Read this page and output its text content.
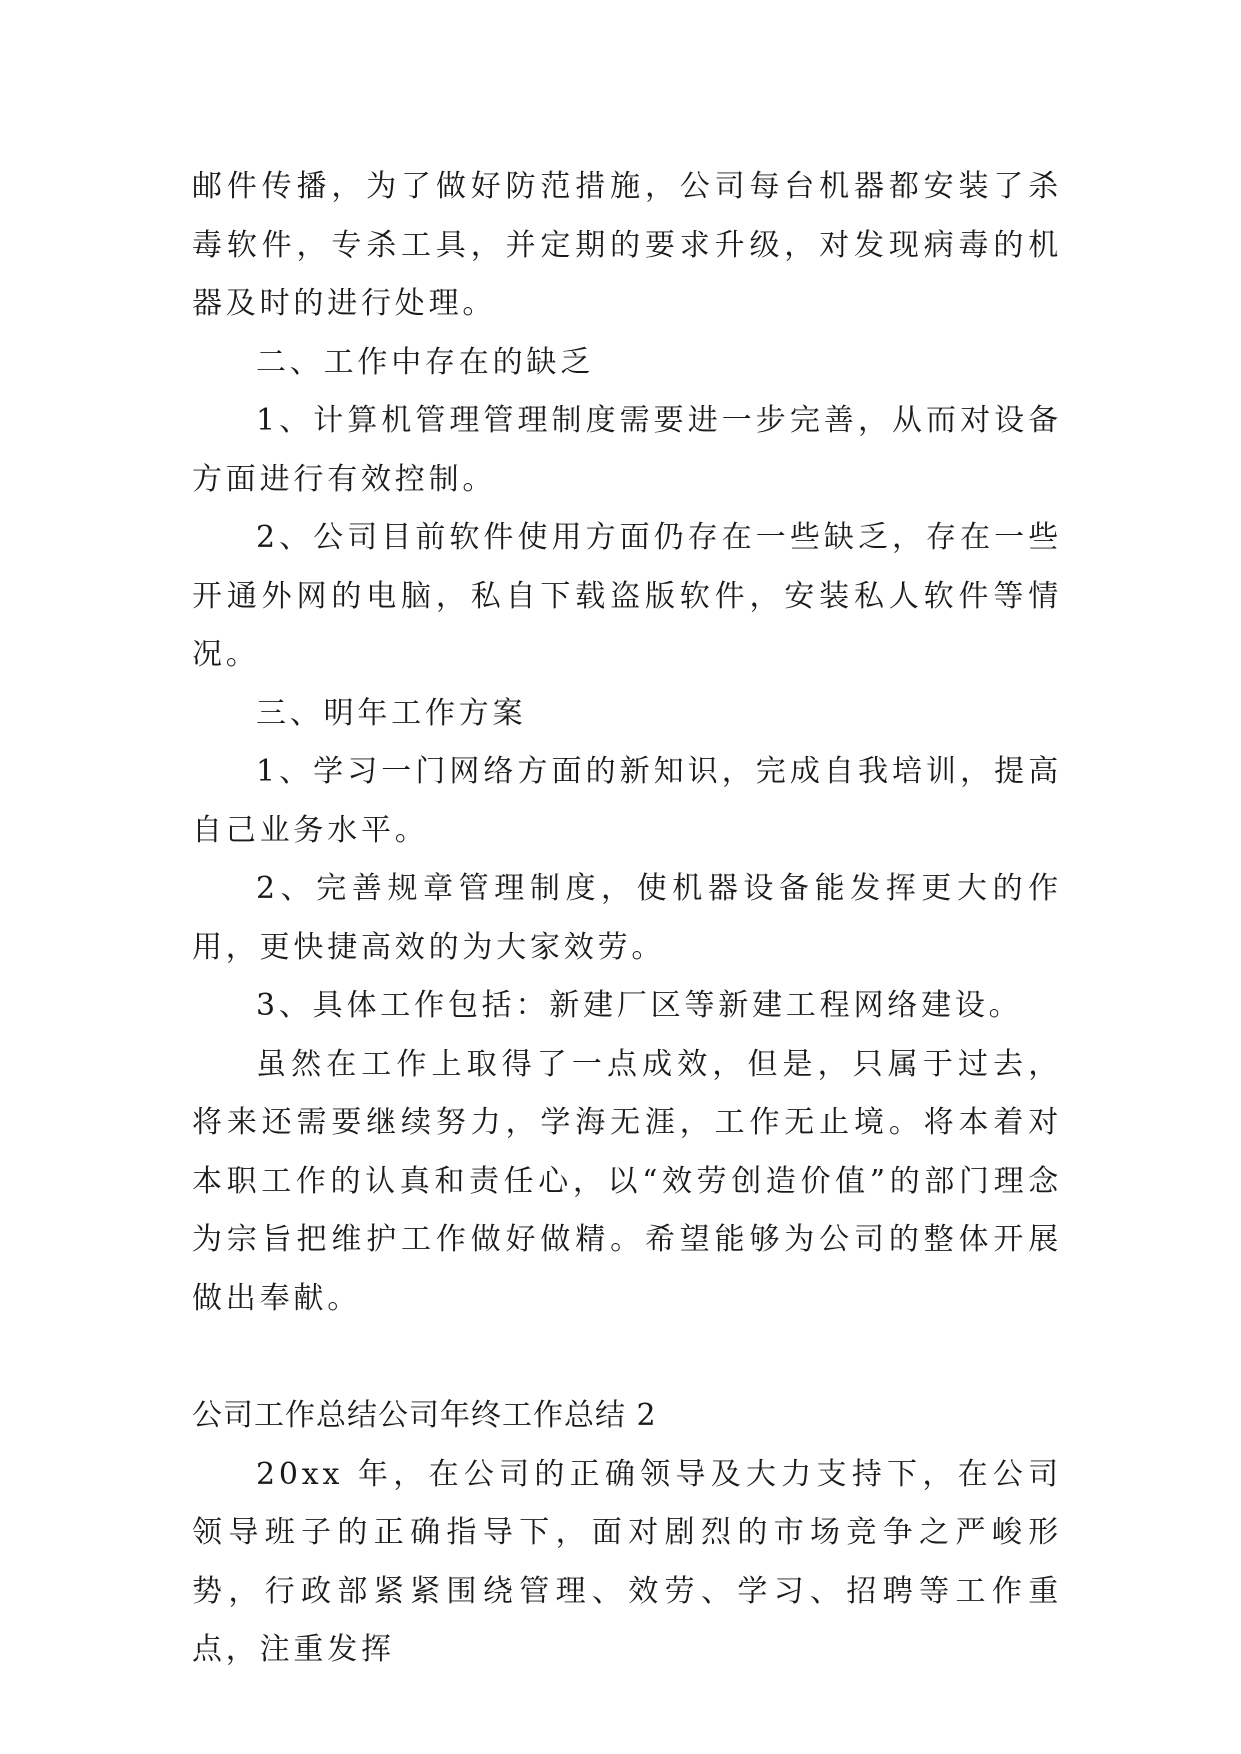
邮件传播，为了做好防范措施，公司每台机器都安装了杀毒软件，专杀工具，并定期的要求升级，对发现病毒的机器及时的进行处理。

二、工作中存在的缺乏

1、计算机管理管理制度需要进一步完善，从而对设备方面进行有效控制。

2、公司目前软件使用方面仍存在一些缺乏，存在一些开通外网的电脑，私自下载盗版软件，安装私人软件等情况。

三、明年工作方案

1、学习一门网络方面的新知识，完成自我培训，提高自己业务水平。

2、完善规章管理制度，使机器设备能发挥更大的作用，更快捷高效的为大家效劳。

3、具体工作包括：新建厂区等新建工程网络建设。

虽然在工作上取得了一点成效，但是，只属于过去，将来还需要继续努力，学海无涯，工作无止境。将本着对本职工作的认真和责任心，以“效劳创造价值”的部门理念为宗旨把维护工作做好做精。希望能够为公司的整体开展做出奉献。

公司工作总结公司年终工作总结 2

20xx 年，在公司的正确领导及大力支持下，在公司领导班子的正确指导下，面对剧烈的市场竞争之严峻形势，行政部紧紧围绕管理、效劳、学习、招聘等工作重点，注重发挥
